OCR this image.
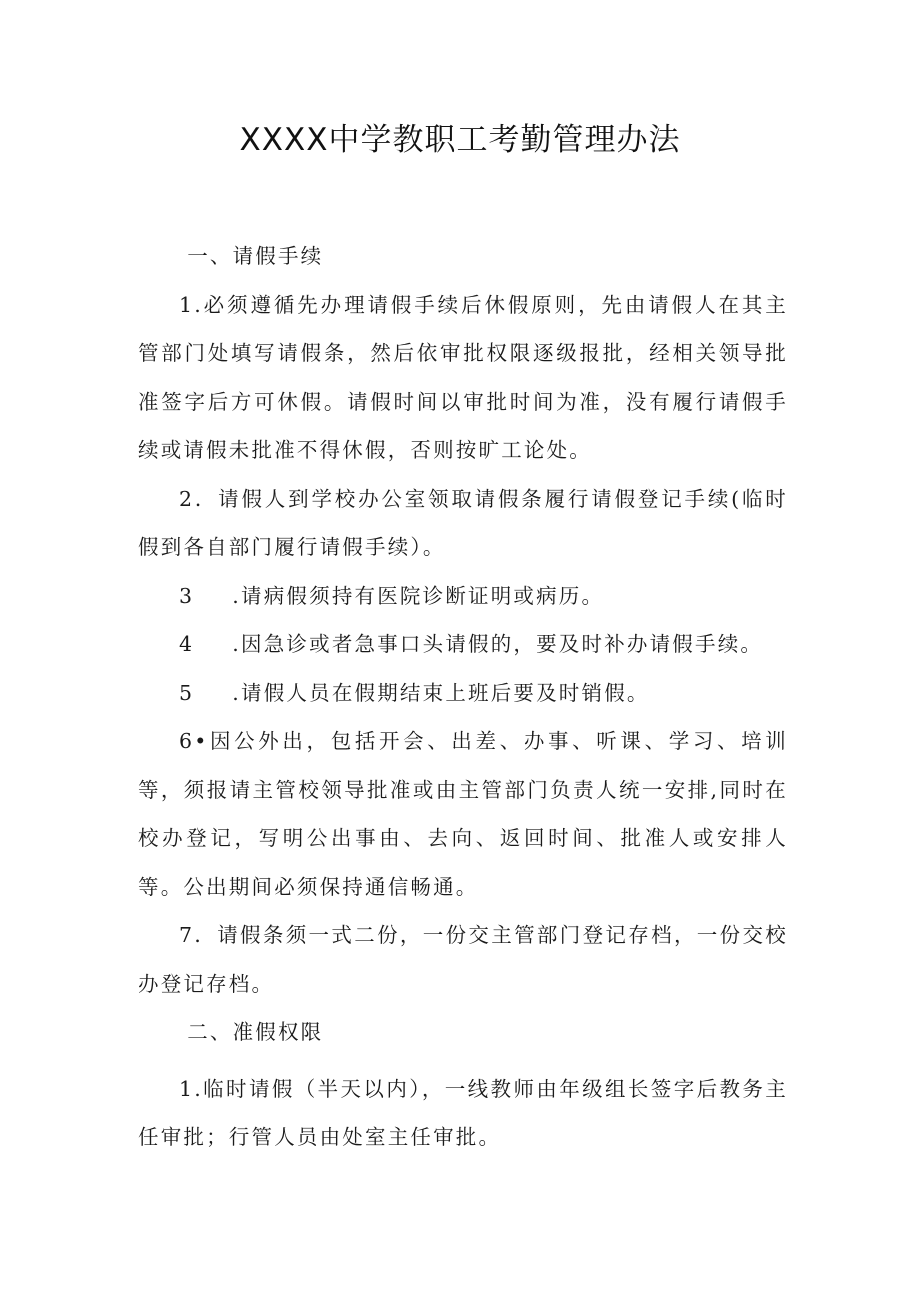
XXXX中学教职工考勤管理办法

一、请假手续

1.必须遵循先办理请假手续后休假原则，先由请假人在其主管部门处填写请假条，然后依审批权限逐级报批，经相关领导批准签字后方可休假。请假时间以审批时间为准，没有履行请假手续或请假未批准不得休假，否则按旷工论处。

2．请假人到学校办公室领取请假条履行请假登记手续(临时 假到各自部门履行请假手续）。

3 .请病假须持有医院诊断证明或病历。

4 .因急诊或者急事口头请假的，要及时补办请假手续。

5 .请假人员在假期结束上班后要及时销假。

6•因公外出，包括开会、出差、办事、听课、学习、培训等，须报请主管校领导批准或由主管部门负责人统一安排,同时在校办登记，写明公出事由、去向、返回时间、批准人或安排人等。公出期间必须保持通信畅通。

7．请假条须一式二份，一份交主管部门登记存档，一份交校办登记存档。

二、准假权限

1.临时请假（半天以内），一线教师由年级组长签字后教务主任审批；行管人员由处室主任审批。
